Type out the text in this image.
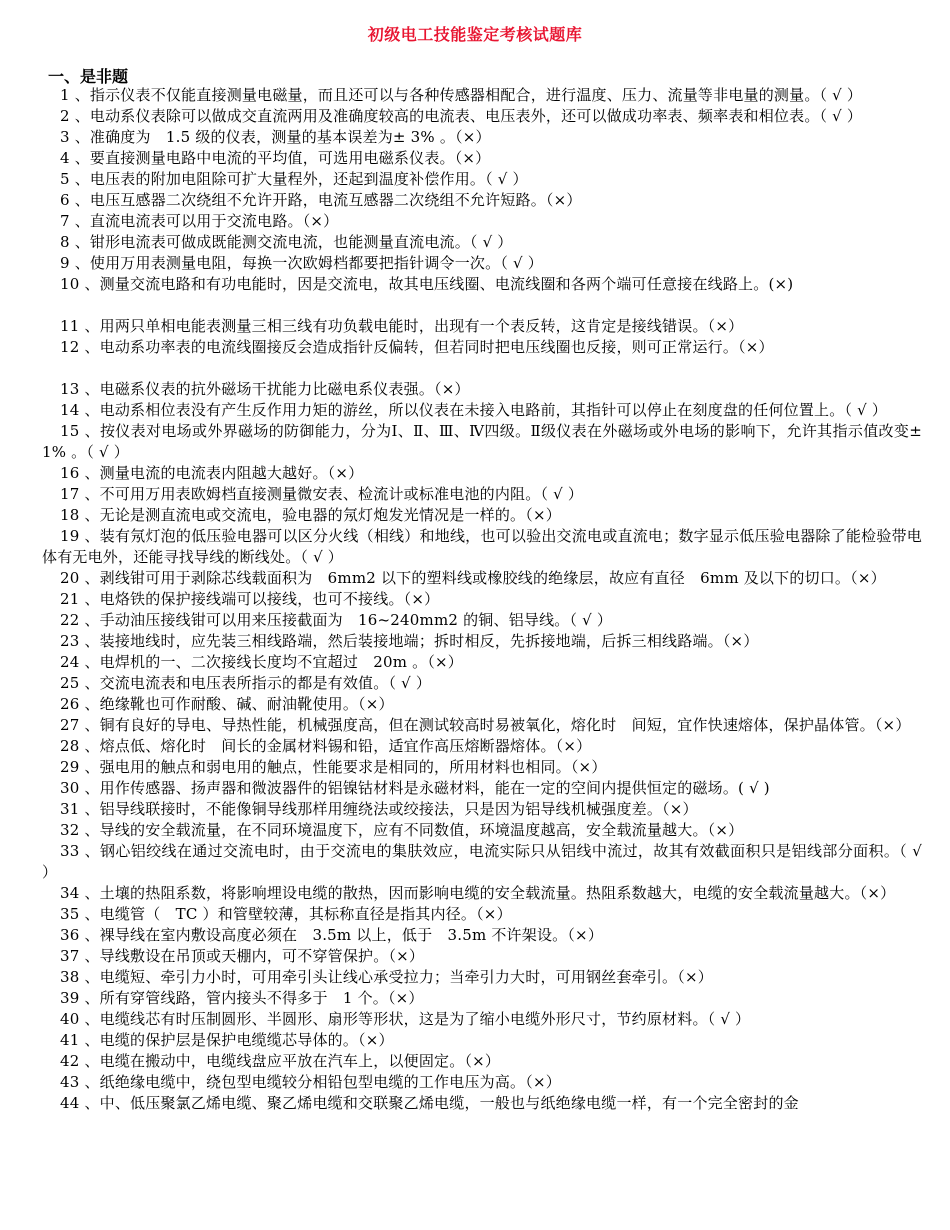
初级电工技能鉴定考核试题库
一、是非题
1 、指示仪表不仅能直接测量电磁量，而且还可以与各种传感器相配合，进行温度、压力、流量等非电量的测量。（ √ ）
2 、电动系仪表除可以做成交直流两用及准确度较高的电流表、电压表外，还可以做成功率表、频率表和相位表。（ √ ）
3 、准确度为　1.5 级的仪表，测量的基本误差为± 3% 。（×）
4 、要直接测量电路中电流的平均值，可选用电磁系仪表。（×）
5 、电压表的附加电阻除可扩大量程外，还起到温度补偿作用。（ √ ）
6 、电压互感器二次绕组不允许开路，电流互感器二次绕组不允许短路。（×）
7 、直流电流表可以用于交流电路。（×）
8 、钳形电流表可做成既能测交流电流，也能测量直流电流。（ √ ）
9 、使用万用表测量电阻，每换一次欧姆档都要把指针调令一次。（ √ ）
10 、测量交流电路和有功电能时，因是交流电，故其电压线圈、电流线圈和各两个端可任意接在线路上。(×)
11 、用两只单相电能表测量三相三线有功负载电能时，出现有一个表反转，这肯定是接线错误。（×）
12 、电动系功率表的电流线圈接反会造成指针反偏转，但若同时把电压线圈也反接，则可正常运行。（×）
13 、电磁系仪表的抗外磁场干扰能力比磁电系仪表强。（×）
14 、电动系相位表没有产生反作用力矩的游丝，所以仪表在未接入电路前，其指针可以停止在刻度盘的任何位置上。（ √ ）
15 、按仪表对电场或外界磁场的防御能力，分为Ⅰ、Ⅱ、Ⅲ、Ⅳ四级。Ⅱ级仪表在外磁场或外电场的影响下，允许其指示值改变± 1% 。（ √ ）
16 、测量电流的电流表内阻越大越好。（×）
17 、不可用万用表欧姆档直接测量微安表、检流计或标准电池的内阻。（ √ ）
18 、无论是测直流电或交流电，验电器的氖灯炮发光情况是一样的。（×）
19 、装有氖灯泡的低压验电器可以区分火线（相线）和地线，也可以验出交流电或直流电；数字显示低压验电器除了能检验带电体有无电外，还能寻找导线的断线处。（ √ ）
20 、剥线钳可用于剥除芯线载面积为　6mm2 以下的塑料线或橡胶线的绝缘层，故应有直径　6mm 及以下的切口。（×）
21 、电烙铁的保护接线端可以接线，也可不接线。（×）
22 、手动油压接线钳可以用来压接截面为　16~240mm2 的铜、铝导线。（ √ ）
23 、装接地线时，应先装三相线路端，然后装接地端；拆时相反，先拆接地端，后拆三相线路端。（×）
24 、电焊机的一、二次接线长度均不宜超过　20m 。（×）
25 、交流电流表和电压表所指示的都是有效值。（ √ ）
26 、绝缘靴也可作耐酸、碱、耐油靴使用。（×）
27 、铜有良好的导电、导热性能，机械强度高，但在测试较高时易被氧化，熔化时　间短，宜作快速熔体，保护晶体管。（×）
28 、熔点低、熔化时　间长的金属材料锡和铅，适宜作高压熔断器熔体。（×）
29 、强电用的触点和弱电用的触点，性能要求是相同的，所用材料也相同。（×）
30 、用作传感器、扬声器和微波器件的铝镍钴材料是永磁材料，能在一定的空间内提供恒定的磁场。( √ )
31 、铝导线联接时，不能像铜导线那样用缠绕法或绞接法，只是因为铝导线机械强度差。（×）
32 、导线的安全载流量，在不同环境温度下，应有不同数值，环境温度越高，安全载流量越大。（×）
33 、钢心铝绞线在通过交流电时，由于交流电的集肤效应，电流实际只从铝线中流过，故其有效截面积只是铝线部分面积。（ √ ）
34 、土壤的热阻系数，将影响埋设电缆的散热，因而影响电缆的安全载流量。热阻系数越大，电缆的安全载流量越大。（×）
35 、电缆管（　TC ）和管壁较薄，其标称直径是指其内径。（×）
36 、裸导线在室内敷设高度必须在　3.5m 以上，低于　3.5m 不许架设。（×）
37 、导线敷设在吊顶或天棚内，可不穿管保护。（×）
38 、电缆短、牵引力小时，可用牵引头让线心承受拉力；当牵引力大时，可用钢丝套牵引。（×）
39 、所有穿管线路，管内接头不得多于　1 个。（×）
40 、电缆线芯有时压制圆形、半圆形、扇形等形状，这是为了缩小电缆外形尺寸，节约原材料。（ √ ）
41 、电缆的保护层是保护电缆缆芯导体的。（×）
42 、电缆在搬动中，电缆线盘应平放在汽车上，以便固定。（×）
43 、纸绝缘电缆中，绕包型电缆较分相铅包型电缆的工作电压为高。（×）
44 、中、低压聚氯乙烯电缆、聚乙烯电缆和交联聚乙烯电缆，一般也与纸绝缘电缆一样，有一个完全密封的金
